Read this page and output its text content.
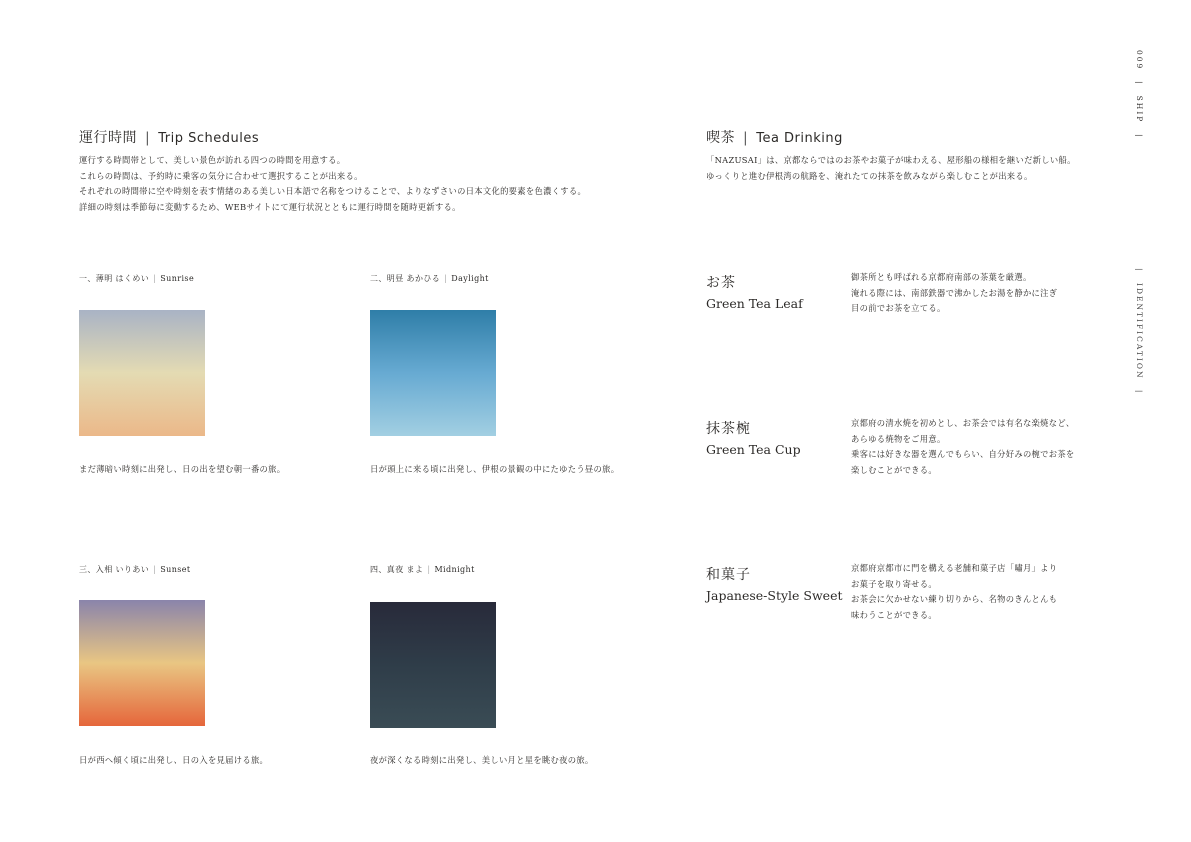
運行時間 | Trip Schedules
運行する時間帯として、美しい景色が訪れる四つの時間を用意する。
これらの時間は、予約時に乗客の気分に合わせて選択することが出来る。
それぞれの時間帯に空や時刻を表す情緒のある美しい日本語で名称をつけることで、よりなずさいの日本文化的要素を色濃くする。
詳細の時刻は季節毎に変動するため、WEBサイトにて運行状況とともに運行時間を随時更新する。
一、薄明 はくめい | Sunrise
まだ薄暗い時刻に出発し、日の出を望む朝一番の旅。
二、明昼 あかひる | Daylight
日が頭上に来る頃に出発し、伊根の景観の中にたゆたう昼の旅。
三、入相 いりあい | Sunset
日が西へ傾く頃に出発し、日の入を見届ける旅。
四、真夜 まよ | Midnight
夜が深くなる時刻に出発し、美しい月と星を眺む夜の旅。
喫茶 | Tea Drinking
「NAZUSAI」は、京都ならではのお茶やお菓子が味わえる、屋形船の様相を継いだ新しい船。
ゆっくりと進む伊根湾の航路を、淹れたての抹茶を飲みながら楽しむことが出来る。
お茶
Green Tea Leaf
御茶所とも呼ばれる京都府南部の茶葉を厳選。
淹れる際には、南部鉄器で沸かしたお湯を静かに注ぎ
目の前でお茶を立てる。
抹茶椀
Green Tea Cup
京都府の清水焼を初めとし、お茶会では有名な楽焼など、
あらゆる焼物をご用意。
乗客には好きな器を選んでもらい、自分好みの椀でお茶を
楽しむことができる。
和菓子
Japanese-Style Sweet
京都府京都市に門を構える老舗和菓子店「嘯月」より
お菓子を取り寄せる。
お茶会に欠かせない練り切りから、名物のきんとんも
味わうことができる。
009 | SHIP |
| IDENTIFICATION |
